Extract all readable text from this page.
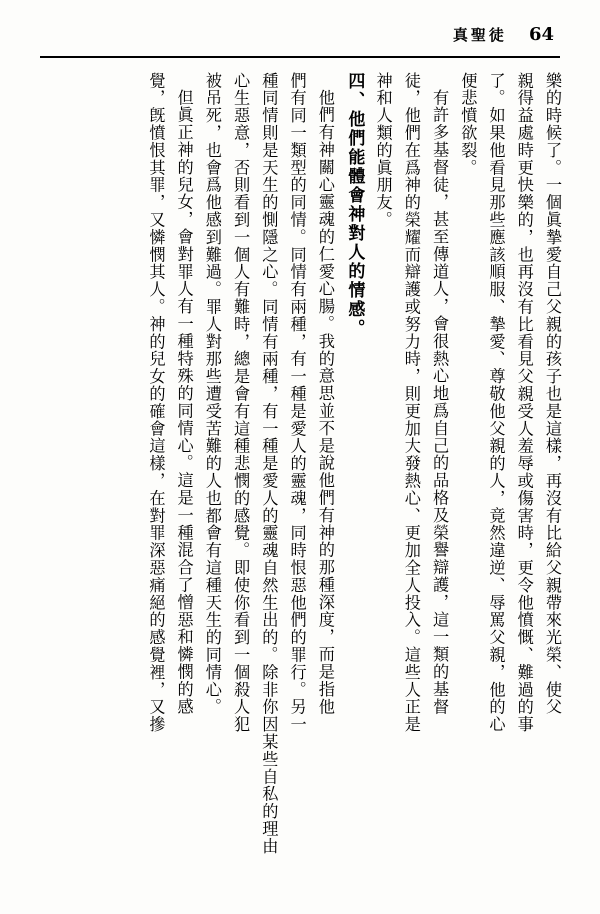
真聖徒 64
樂的時候了。一個眞摯愛自己父親的孩子也是這樣，再沒有比給父親帶來光榮、使父
親得益處時更快樂的，也再沒有比看見父親受人羞辱或傷害時，更令他憤慨、難過的事
了。如果他看見那些應該順服、摯愛、尊敬他父親的人，竟然違逆、辱罵父親，他的心
便悲憤欲裂。
有許多基督徒，甚至傳道人，會很熱心地爲自己的品格及榮譽辯護，這一類的基督
徒，他們在爲神的榮耀而辯護或努力時，則更加大發熱心、更加全人投入。這些人正是
神和人類的眞朋友。
四、他們能體會神對人的情感。
他們有神關心靈魂的仁愛心腸。我的意思並不是說他們有神的那種深度，而是指他
們有同一類型的同情。同情有兩種，有一種是愛人的靈魂，同時恨惡他們的罪行。另一
種同情則是天生的惻隱之心。同情有兩種，有一種是愛人的靈魂自然生出的。除非你因某些自私的理由
心生惡意，否則看到一個人有難時，總是會有這種悲憫的感覺。即使你看到一個殺人犯
被吊死，也會爲他感到難過。罪人對那些遭受苦難的人也都會有這種天生的同情心。
但眞正神的兒女，會對罪人有一種特殊的同情心。這是一種混合了憎惡和憐憫的感
覺，旣憤恨其罪，又憐憫其人。神的兒女的確會這樣，在對罪深惡痛絕的感覺裡，又摻
